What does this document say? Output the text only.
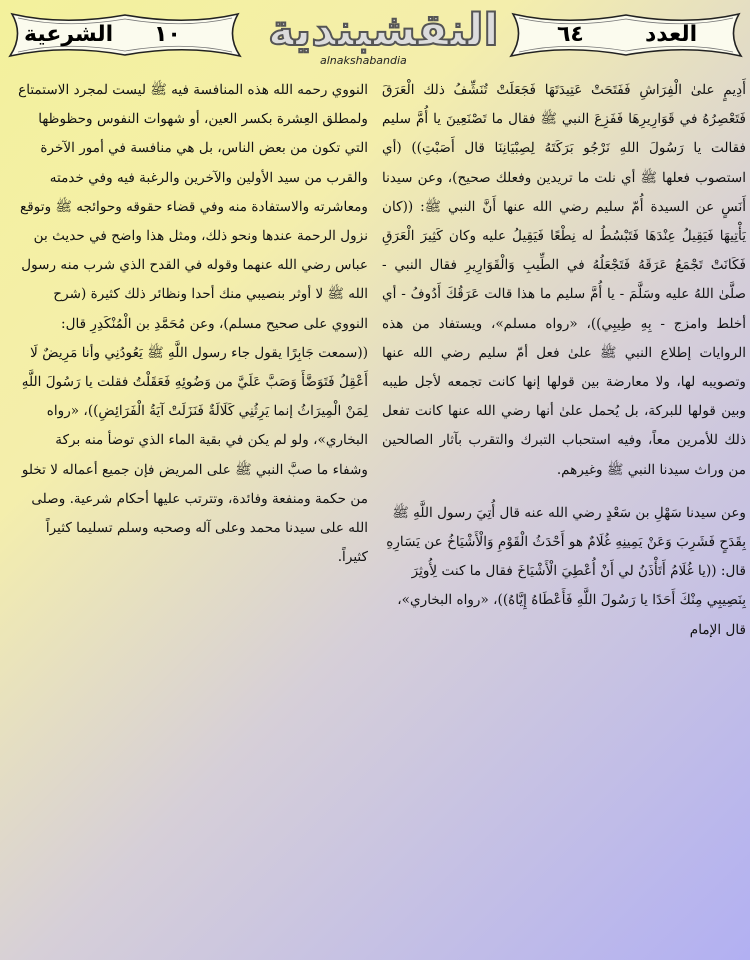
الشرعية ١٠ النقشبندية
alnakshabandia
٦٤	العدد

أَدِيمٍ علىٰ الْفِرَاشِ فَفَتَحَتْ عَتِيدَتَهَا فَجَعَلَتْ تُنَشِّفُ ذلك الْعَرَقَ فَتَعْصِرُهُ في قَوَارِيرِهَا فَفَزِعَ النبي ﷺ فقال ما تَصْنَعِينَ يا أُمَّ سليم فقالت يا رَسُولَ اللهِ نَرْجُو بَرَكَتَهُ لِصِبْيَانِنَا قال أَصَبْتِ)) (أي استصوب فعلها ﷺ أي نلت ما تريدين وفعلك صحيح)، وعن سيدنا أَنَسٍ عن السيدة أُمّ سليم رضي الله عنها أَنَّ النبي ﷺ: ((كان يَأْتِيهَا فَيَقِيلُ عِنْدَهَا فَتَبْسُطُ له نِطْعًا فَيَقِيلُ عليه وكان كَثِيرَ الْعَرَقِ فَكَانَتْ تَجْمَعُ عَرَقَهُ فَتَجْعَلُهُ في الطِّيبِ وَالْقَوَارِيرِ فقال النبي - صلَّىٰ اللهُ عليه وسَلَّمَ - يا أُمَّ سليم ما هذا قالت عَرَقُكَ أَدُوفُ - أي أخلط وامزج - بِهِ طِيبِي))، «رواه مسلم»، ويستفاد من هذه الروايات إطلاع النبي ﷺ علىٰ فعل أمّ سليم رضي الله عنها وتصويبه لها، ولا معارضة بين قولها إنها كانت تجمعه لأجل طيبه وبين قولها للبركة، بل يُحمل علىٰ أنها رضي الله عنها كانت تفعل ذلك للأمرين معاً، وفيه استحباب التبرك والتقرب بآثار الصالحين من وراث سيدنا النبي ﷺ وغيرهم.

وعن سيدنا سَهْلِ بن سَعْدٍ رضي الله عنه قال أُتِيَ رسول اللَّهِ ﷺ بِقَدَحٍ فَشَرِبَ وَعَنْ يَمِينِهِ غُلَامٌ هو أَحْدَثُ الْقَوْمِ وَالْأَشْيَاخُ عن يَسَارِهِ قال: ((يا غُلَامُ أَتَأْذَنُ لي أَنْ أُعْطِيَ الْأَشْيَاخَ فقال ما كنت لِأُوثِرَ بِنَصِيبِي مِنْكَ أَحَدًا يا رَسُولَ اللَّهِ فَأَعْطَاهُ إِيَّاهُ))، «رواه البخاري»، قال الإمام

النووي رحمه الله هذه المنافسة فيه ﷺ ليست لمجرد الاستمتاع ولمطلق العِشرة بكسر العين، أو شهوات النفوس وحظوظها التي تكون من بعض الناس، بل هي منافسة في أمور الآخرة والقرب من سيد الأولين والآخرين والرغبة فيه وفي خدمته ومعاشرته والاستفادة منه وفي قضاء حقوقه وحوائجه ﷺ وتوقع نزول الرحمة عندها ونحو ذلك، ومثل هذا واضح في حديث بن عباس رضي الله عنهما وقوله في القدح الذي شرب منه رسول الله ﷺ لا أوثر بنصيبي منك أحدا ونظائر ذلك كثيرة (شرح النووي على صحيح مسلم)، وعن مُحَمَّدِ بن الْمُنْكَدِرِ قال: ((سمعت جَابِرًا يقول جاء رسول اللَّهِ ﷺ يَعُودُنِي وأنا مَرِيضٌ لَا أَعْقِلُ فَتَوَضَّأَ وَصَبَّ عَلَيَّ من وَضُوئِهِ فَعَقَلْتُ فقلت يا رَسُولَ اللَّهِ لِمَنْ الْمِيرَاثُ إنما يَرِثُنِي كَلَالَةٌ فَنَزَلَتْ آيَةُ الْفَرَائِضِ))، «رواه البخاري»، ولو لم يكن في بقية الماء الذي توضأ منه بركة وشفاء ما صبَّ النبي ﷺ على المريض فإن جميع أعماله لا تخلو من حكمة ومنفعة وفائدة، وتترتب عليها أحكام شرعية. وصلى الله على سيدنا محمد وعلى آله وصحبه وسلم تسليما كثيراً كثيراً.
